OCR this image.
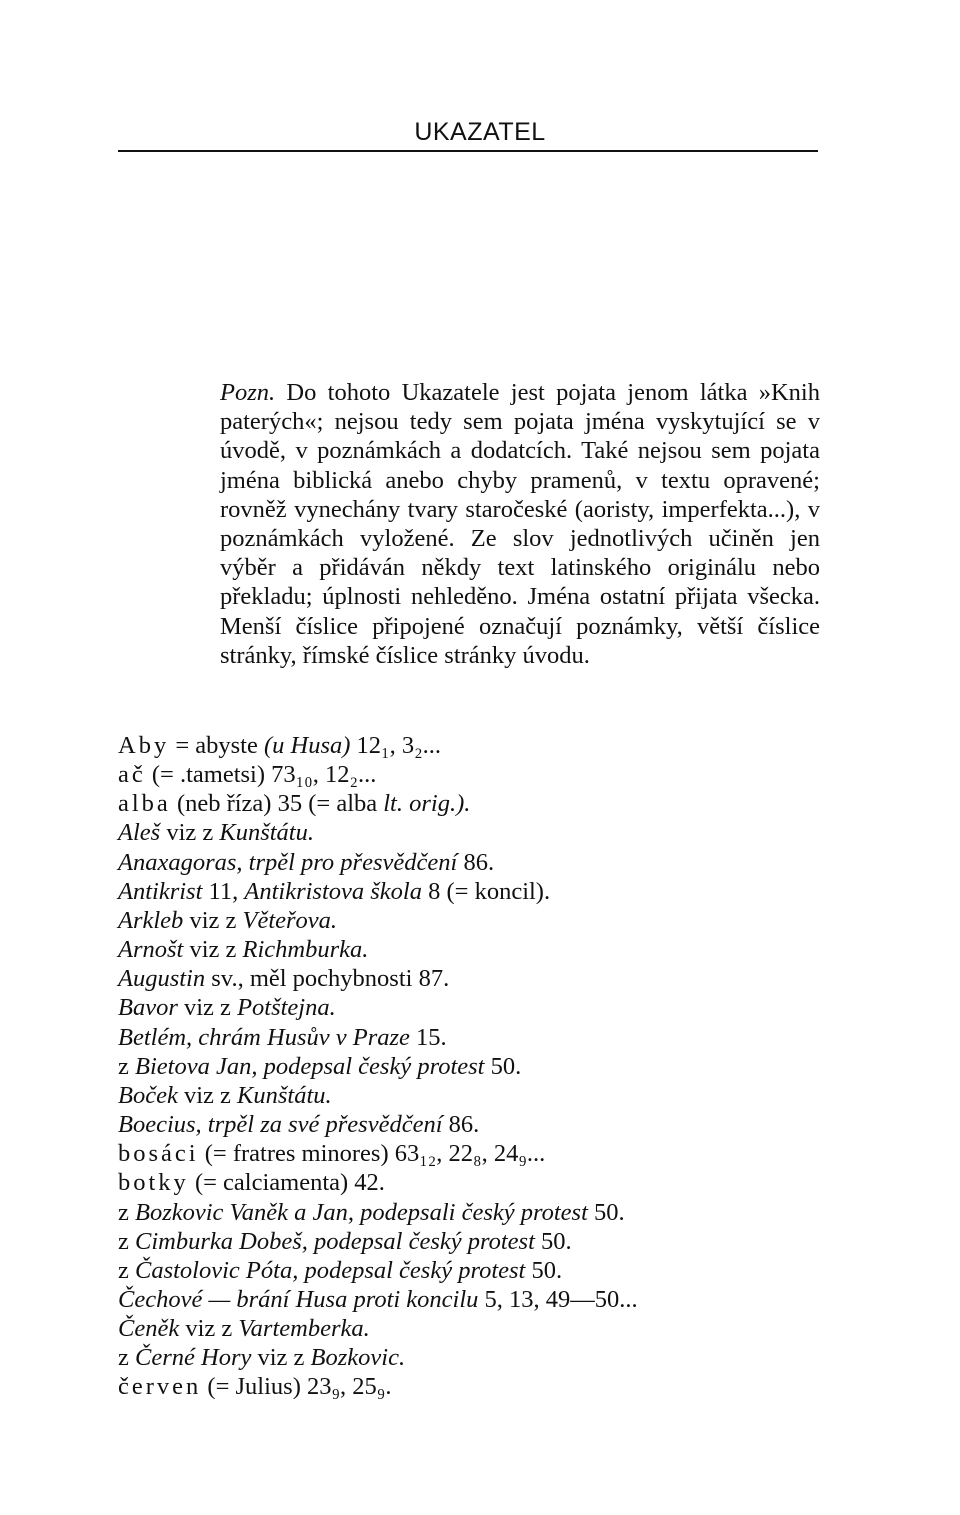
UKAZATEL

Pozn. Do tohoto Ukazatele jest pojata jenom látka »Knih paterých«; nejsou tedy sem pojata jména vyskytující se v úvodě, v poznámkách a dodatcích. Také nejsou sem pojata jména biblická anebo chyby pramenů, v textu opravené; rovněž vynechány tvary staročeské (aoristy, imperfekta...), v poznámkách vyložené. Ze slov jednotlivých učiněn jen výběr a přidáván někdy text latinského originálu nebo překladu; úplnosti nehleděno. Jména ostatní přijata všecka. Menší číslice připojené označují poznámky, větší číslice stránky, římské číslice stránky úvodu.

Aby = abyste (u Husa) 12₁, 3₂...
ač (= .tametsi) 73₁₀, 12₂...
alba (neb říza) 35 (= alba lt. orig.).
Aleš viz z Kunštátu.
Anaxagoras, trpěl pro přesvědčení 86.
Antikrist 11, Antikristova škola 8 (= koncil).
Arkleb viz z Věteřova.
Arnošt viz z Richmburka.
Augustin sv., měl pochybnosti 87.
Bavor viz z Potštejna.
Betlém, chrám Husův v Praze 15.
z Bietova Jan, podepsal český protest 50.
Boček viz z Kunštátu.
Boecius, trpěl za své přesvědčení 86.
bosáci (= fratres minores) 63₁₂, 22₈, 24₉...
botky (= calciamenta) 42.
z Bozkovic Vaněk a Jan, podepsali český protest 50.
z Cimburka Dobeš, podepsal český protest 50.
z Častolovic Póta, podepsal český protest 50.
Čechové — brání Husa proti koncilu 5, 13, 49—50...
Čeněk viz z Vartemberka.
z Černé Hory viz z Bozkovic.
červen (= Julius) 23₉, 25₉.
